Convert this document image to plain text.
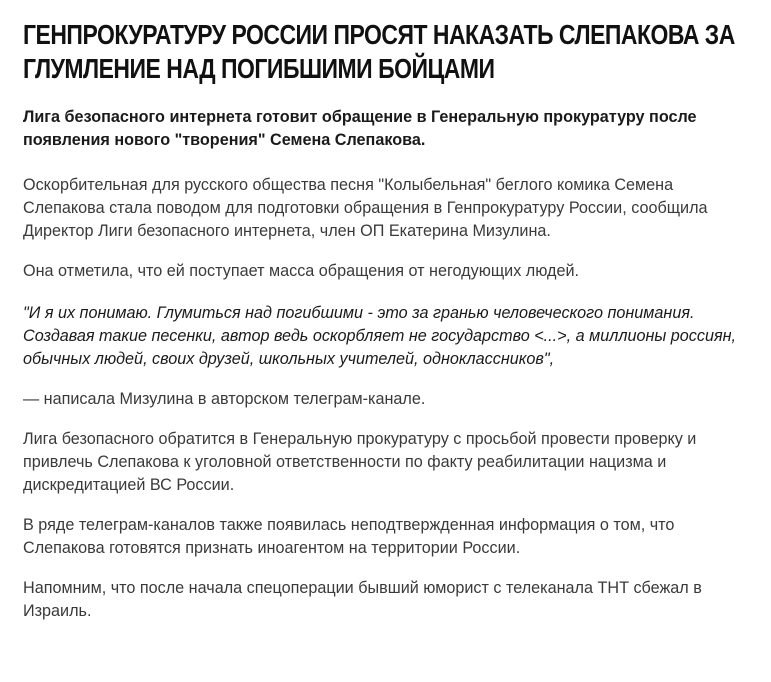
ГЕНПРОКУРАТУРУ РОССИИ ПРОСЯТ НАКАЗАТЬ СЛЕПАКОВА ЗА ГЛУМЛЕНИЕ НАД ПОГИБШИМИ БОЙЦАМИ

Лига безопасного интернета готовит обращение в Генеральную прокуратуру после появления нового "творения" Семена Слепакова.

Оскорбительная для русского общества песня "Колыбельная" беглого комика Семена Слепакова стала поводом для подготовки обращения в Генпрокуратуру России, сообщила Директор Лиги безопасного интернета, член ОП Екатерина Мизулина.

Она отметила, что ей поступает масса обращения от негодующих людей.

"И я их понимаю. Глумиться над погибшими - это за гранью человеческого понимания. Создавая такие песенки, автор ведь оскорбляет не государство <...>, а миллионы россиян, обычных людей, своих друзей, школьных учителей, одноклассников",

— написала Мизулина в авторском телеграм-канале.

Лига безопасного обратится в Генеральную прокуратуру с просьбой провести проверку и привлечь Слепакова к уголовной ответственности по факту реабилитации нацизма и дискредитацией ВС России.

В ряде телеграм-каналов также появилась неподтвержденная информация о том, что Слепакова готовятся признать иноагентом на территории России.

Напомним, что после начала спецоперации бывший юморист с телеканала ТНТ сбежал в Израиль.
